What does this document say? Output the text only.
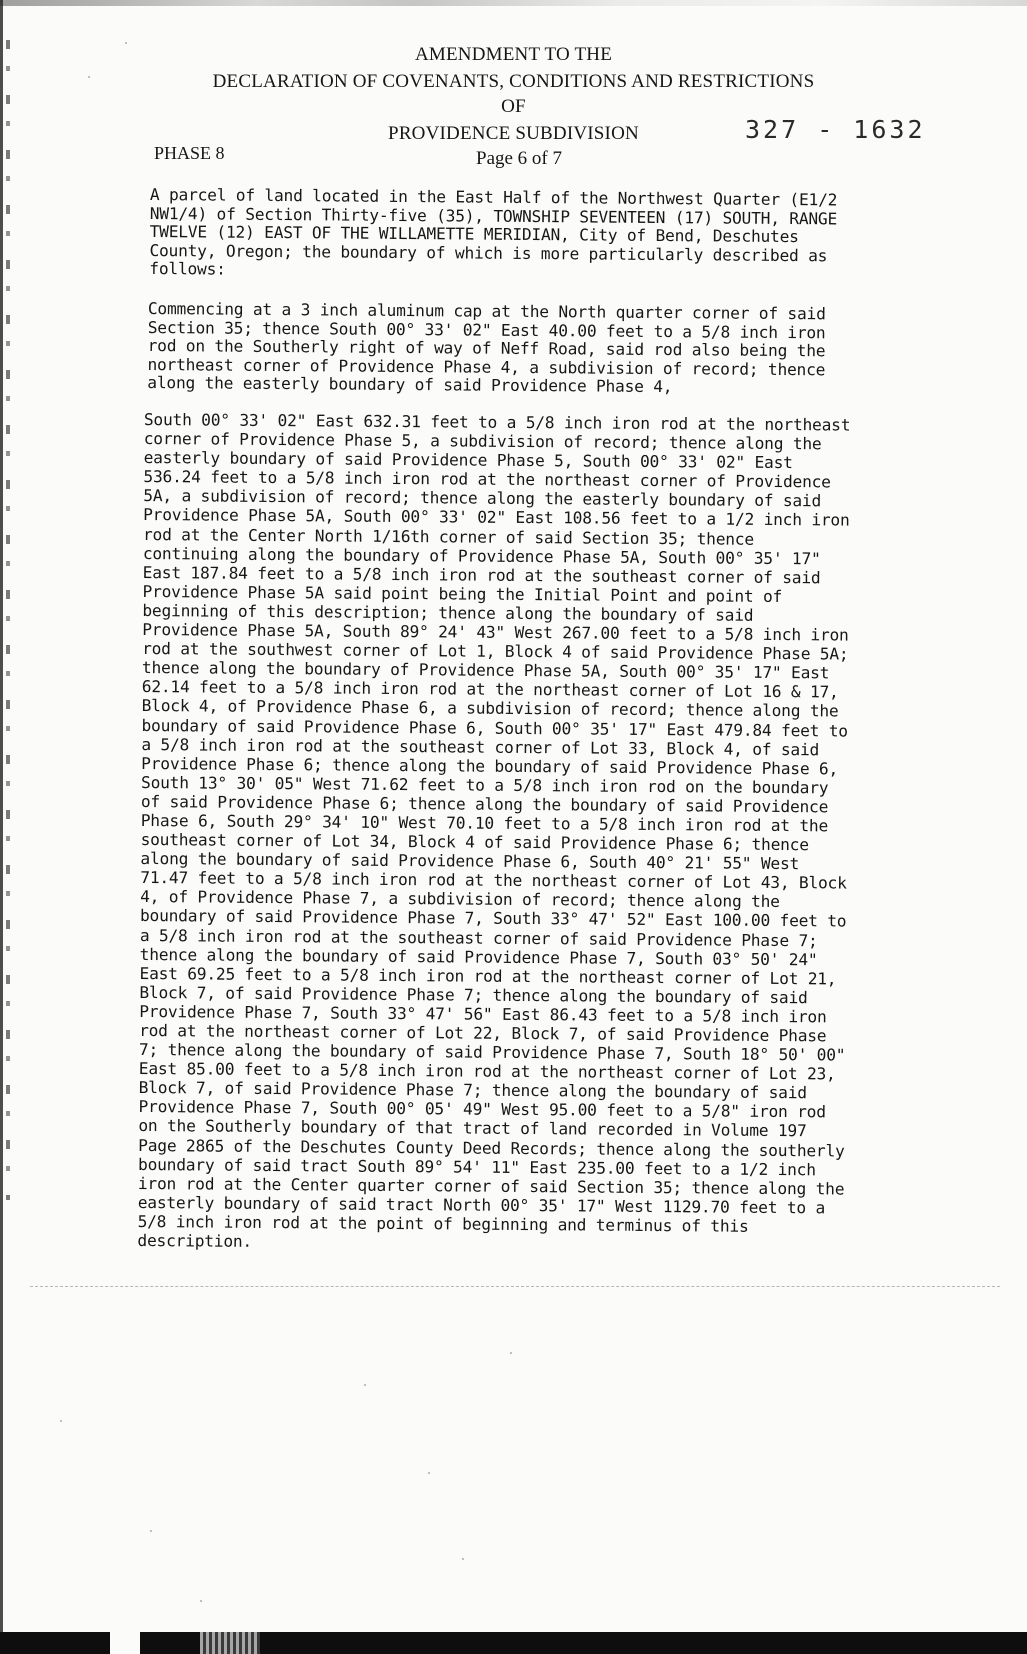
AMENDMENT TO THE
DECLARATION OF COVENANTS, CONDITIONS AND RESTRICTIONS
OF
PROVIDENCE SUBDIVISION
PHASE 8	Page 6 of 7
327 - 1632

A parcel of land located in the East Half of the Northwest Quarter (E1/2 NW1/4) of Section Thirty-five (35), TOWNSHIP SEVENTEEN (17) SOUTH, RANGE TWELVE (12) EAST OF THE WILLAMETTE MERIDIAN, City of Bend, Deschutes County, Oregon; the boundary of which is more particularly described as follows:

Commencing at a 3 inch aluminum cap at the North quarter corner of said Section 35; thence South 00° 33' 02" East 40.00 feet to a 5/8 inch iron rod on the Southerly right of way of Neff Road, said rod also being the northeast corner of Providence Phase 4, a subdivision of record; thence along the easterly boundary of said Providence Phase 4,

South 00° 33' 02" East 632.31 feet to a 5/8 inch iron rod at the northeast corner of Providence Phase 5, a subdivision of record; thence along the easterly boundary of said Providence Phase 5, South 00° 33' 02" East 536.24 feet to a 5/8 inch iron rod at the northeast corner of Providence 5A, a subdivision of record; thence along the easterly boundary of said Providence Phase 5A, South 00° 33' 02" East 108.56 feet to a 1/2 inch iron rod at the Center North 1/16th corner of said Section 35; thence continuing along the boundary of Providence Phase 5A, South 00° 35' 17" East 187.84 feet to a 5/8 inch iron rod at the southeast corner of said Providence Phase 5A said point being the Initial Point and point of beginning of this description; thence along the boundary of said Providence Phase 5A, South 89° 24' 43" West 267.00 feet to a 5/8 inch iron rod at the southwest corner of Lot 1, Block 4 of said Providence Phase 5A; thence along the boundary of Providence Phase 5A, South 00° 35' 17" East 62.14 feet to a 5/8 inch iron rod at the northeast corner of Lot 16 & 17, Block 4, of Providence Phase 6, a subdivision of record; thence along the boundary of said Providence Phase 6, South 00° 35' 17" East 479.84 feet to a 5/8 inch iron rod at the southeast corner of Lot 33, Block 4, of said Providence Phase 6; thence along the boundary of said Providence Phase 6, South 13° 30' 05" West 71.62 feet to a 5/8 inch iron rod on the boundary of said Providence Phase 6; thence along the boundary of said Providence Phase 6, South 29° 34' 10" West 70.10 feet to a 5/8 inch iron rod at the southeast corner of Lot 34, Block 4 of said Providence Phase 6; thence along the boundary of said Providence Phase 6, South 40° 21' 55" West 71.47 feet to a 5/8 inch iron rod at the northeast corner of Lot 43, Block 4, of Providence Phase 7, a subdivision of record; thence along the boundary of said Providence Phase 7, South 33° 47' 52" East 100.00 feet to a 5/8 inch iron rod at the southeast corner of said Providence Phase 7; thence along the boundary of said Providence Phase 7, South 03° 50' 24" East 69.25 feet to a 5/8 inch iron rod at the northeast corner of Lot 21, Block 7, of said Providence Phase 7; thence along the boundary of said Providence Phase 7, South 33° 47' 56" East 86.43 feet to a 5/8 inch iron rod at the northeast corner of Lot 22, Block 7, of said Providence Phase 7; thence along the boundary of said Providence Phase 7, South 18° 50' 00" East 85.00 feet to a 5/8 inch iron rod at the northeast corner of Lot 23, Block 7, of said Providence Phase 7; thence along the boundary of said Providence Phase 7, South 00° 05' 49" West 95.00 feet to a 5/8" iron rod on the Southerly boundary of that tract of land recorded in Volume 197 Page 2865 of the Deschutes County Deed Records; thence along the southerly boundary of said tract South 89° 54' 11" East 235.00 feet to a 1/2 inch iron rod at the Center quarter corner of said Section 35; thence along the easterly boundary of said tract North 00° 35' 17" West 1129.70 feet to a 5/8 inch iron rod at the point of beginning and terminus of this description.
